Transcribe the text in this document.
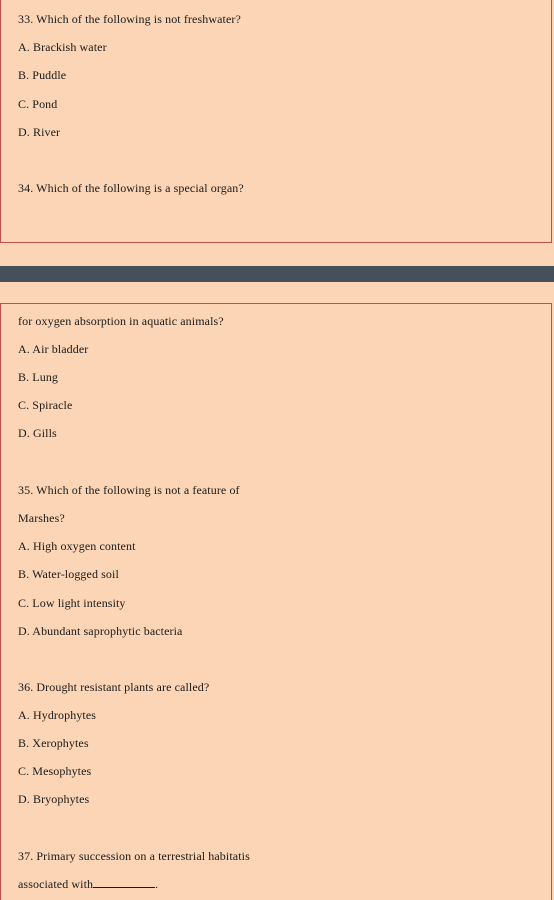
33. Which of the following is not freshwater?
A. Brackish water
B. Puddle
C. Pond
D. River
34. Which of the following is a special organ?
for oxygen absorption in aquatic animals?
A. Air bladder
B. Lung
C. Spiracle
D. Gills
35. Which of the following is not a feature of
Marshes?
A. High oxygen content
B. Water-logged soil
C. Low light intensity
D. Abundant saprophytic bacteria
36. Drought resistant plants are called?
A. Hydrophytes
B. Xerophytes
C. Mesophytes
D. Bryophytes
37. Primary succession on a terrestrial habitatis
associated with	.
